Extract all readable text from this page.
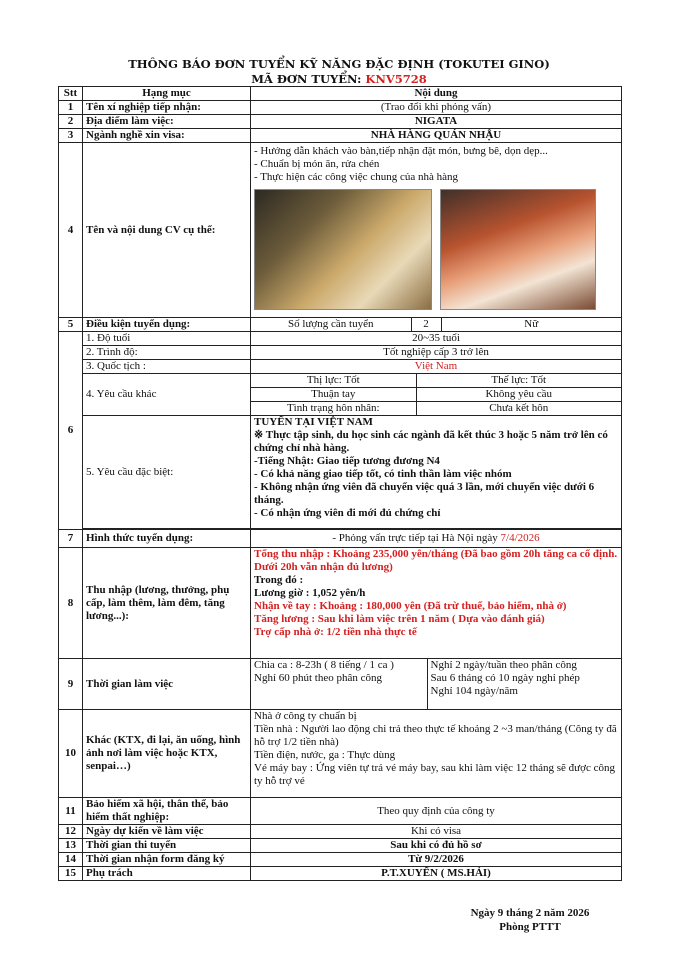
THÔNG BÁO ĐƠN TUYỂN KỸ NĂNG ĐẶC ĐỊNH (TOKUTEI GINO)
MÃ ĐƠN TUYỂN: KNV5728
Stt	Hạng mục	Nội dung
1	Tên xí nghiệp tiếp nhận:	(Trao đổi khi phỏng vấn)
2	Địa điểm làm việc:	NIGATA
3	Ngành nghề xin visa:	NHÀ HÀNG QUÁN NHẬU
4	Tên và nội dung CV cụ thể:	
- Hướng dẫn khách vào bàn,tiếp nhận đặt món, bưng bê, dọn dẹp...
- Chuẩn bị món ăn, rửa chén
- Thực hiện các công việc chung của nhà hàng

5	Điều kiện tuyển dụng:		Số lượng cần tuyển	2	Nữ

6	1. Độ tuổi	20~35 tuổi
2. Trình độ:	Tốt nghiệp cấp 3 trở lên
3. Quốc tịch :	Việt Nam
4. Yêu cầu khác	
Thị lực: Tốt	Thể lực: Tốt
Thuận tay	Không yêu cầu
Tình trạng hôn nhân:	Chưa kết hôn

5. Yêu cầu đặc biệt:	
TUYỂN TẠI VIỆT NAM
※ Thực tập sinh, du học sinh các ngành đã kết thúc 3 hoặc 5 năm trở lên có chứng chỉ nhà hàng.
-Tiếng Nhật: Giao tiếp tương đương N4
- Có khả năng giao tiếp tốt, có tinh thần làm việc nhóm
- Không nhận ứng viên đã chuyển việc quá 3 lần, mới chuyển việc dưới 6 tháng.
- Có nhận ứng viên đi mới đủ chứng chỉ

7	Hình thức tuyển dụng:	- Phỏng vấn trực tiếp tại Hà Nội ngày 7/4/2026
8	Thu nhập (lương, thưởng, phụ cấp, làm thêm, làm đêm, tăng lương...):	
Tổng thu nhập : Khoảng 235,000 yên/tháng (Đã bao gồm 20h tăng ca cố định. Dưới 20h vẫn nhận đủ lương)
Trong đó :
Lương giờ : 1,052 yên/h
Nhận về tay : Khoảng : 180,000 yên (Đã trừ thuế, bảo hiểm, nhà ở)
Tăng lương : Sau khi làm việc trên 1 năm ( Dựa vào đánh giá)
Trợ cấp nhà ở: 1/2 tiền nhà thực tế

9	Thời gian làm việc	
Chia ca : 8-23h ( 8 tiếng / 1 ca )
Nghỉ 60 phút theo phân công

Nghỉ 2 ngày/tuần theo phân công
Sau 6 tháng có 10 ngày nghỉ phép
Nghỉ 104 ngày/năm

10	Khác (KTX, đi lại, ăn uống, hình ảnh nơi làm việc hoặc KTX, senpai…)	
Nhà ở công ty chuẩn bị
Tiền nhà : Người lao động chi trả theo thực tế khoảng 2 ~3 man/tháng (Công ty đã hỗ trợ 1/2 tiền nhà)
Tiền điện, nước, ga : Thực dùng
Vé máy bay : Ứng viên tự trả vé máy bay, sau khi làm việc 12 tháng sẽ được công ty hỗ trợ vé

11	Bảo hiểm xã hội, thân thể, bảo hiểm thất nghiệp:	Theo quy định của công ty
12	Ngày dự kiến về làm việc	Khi có visa
13	Thời gian thi tuyển	Sau khi có đủ hồ sơ
14	Thời gian nhận form đăng ký	Từ 9/2/2026
15	Phụ trách	P.T.XUYẾN ( MS.HẢI)
Ngày 9 tháng 2 năm 2026
Phòng PTTT
